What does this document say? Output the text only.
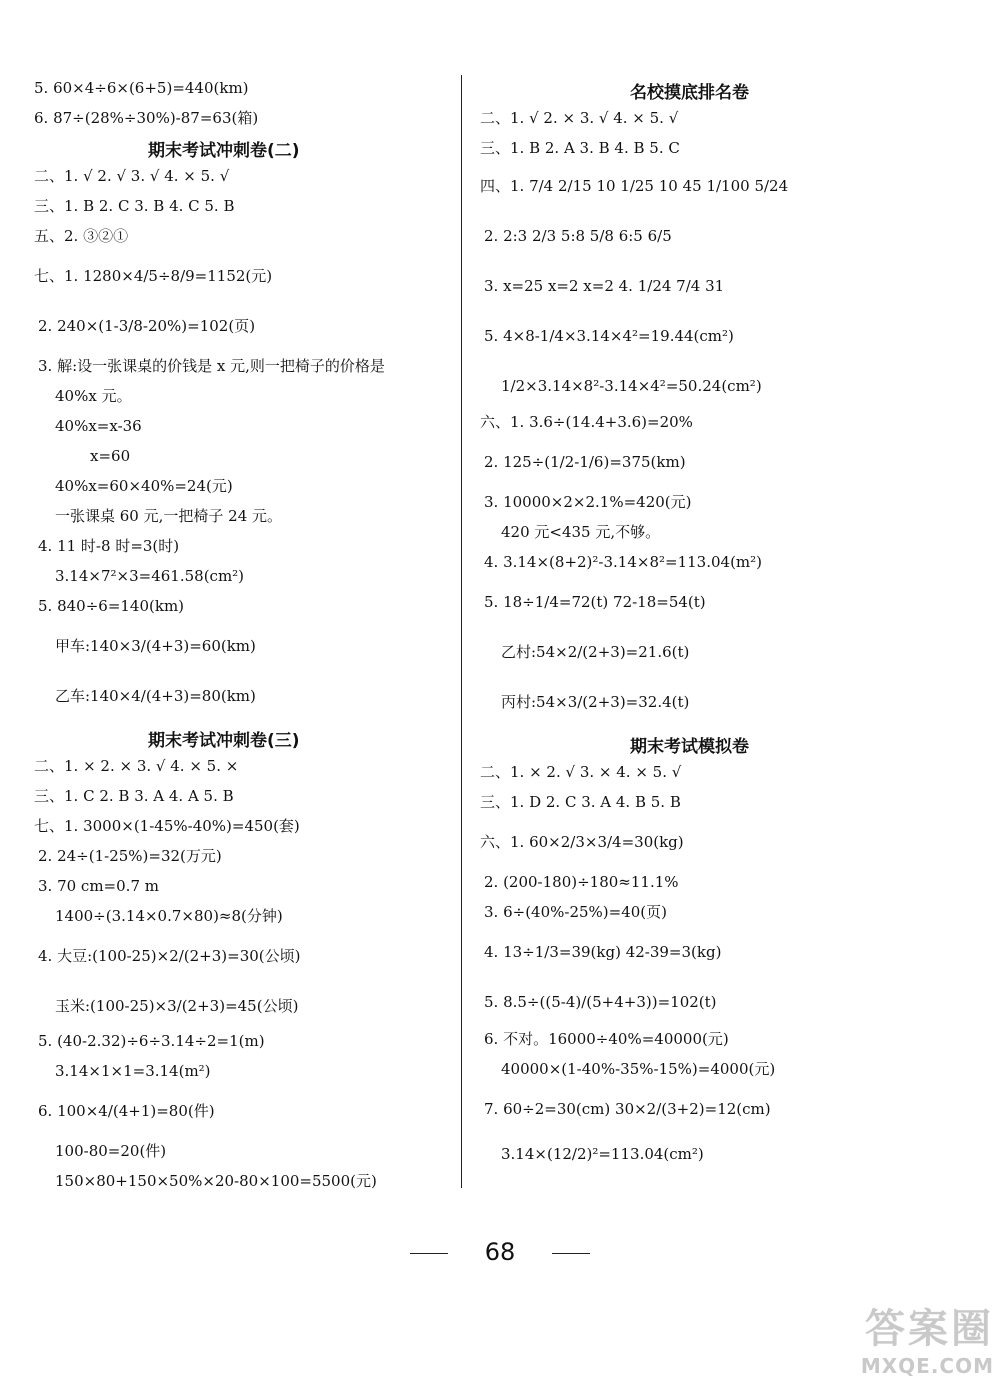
期末考试冲刺卷(二)
期末考试冲刺卷(三)
名校摸底排名卷
期末考试模拟卷
68
答案圈
MXQE.COM
5. 60×4÷6×(6+5)=440(km)
6. 87÷(28%÷30%)-87=63(箱)
二、1. √ 2. √ 3. √ 4. × 5. √
三、1. B 2. C 3. B 4. C 5. B
五、2. ③②①
七、1. 1280×4/5÷8/9=1152(元)
2. 240×(1-3/8-20%)=102(页)
3. 解:设一张课桌的价钱是 x 元,则一把椅子的价格是
40%x 元。
40%x=x-36
x=60
40%x=60×40%=24(元)
一张课桌 60 元,一把椅子 24 元。
4. 11 时-8 时=3(时)
3.14×7²×3=461.58(cm²)
5. 840÷6=140(km)
甲车:140×3/(4+3)=60(km)
乙车:140×4/(4+3)=80(km)
二、1. × 2. × 3. √ 4. × 5. ×
三、1. C 2. B 3. A 4. A 5. B
七、1. 3000×(1-45%-40%)=450(套)
2. 24÷(1-25%)=32(万元)
3. 70 cm=0.7 m
1400÷(3.14×0.7×80)≈8(分钟)
4. 大豆:(100-25)×2/(2+3)=30(公顷)
玉米:(100-25)×3/(2+3)=45(公顷)
5. (40-2.32)÷6÷3.14÷2=1(m)
3.14×1×1=3.14(m²)
6. 100×4/(4+1)=80(件)
100-80=20(件)
150×80+150×50%×20-80×100=5500(元)
二、1. √ 2. × 3. √ 4. × 5. √
三、1. B 2. A 3. B 4. B 5. C
四、1. 7/4 2/15 10 1/25 10 45 1/100 5/24
2. 2:3 2/3 5:8 5/8 6:5 6/5
3. x=25 x=2 x=2 4. 1/24 7/4 31
5. 4×8-1/4×3.14×4²=19.44(cm²)
1/2×3.14×8²-3.14×4²=50.24(cm²)
六、1. 3.6÷(14.4+3.6)=20%
2. 125÷(1/2-1/6)=375(km)
3. 10000×2×2.1%=420(元)
420 元<435 元,不够。
4. 3.14×(8+2)²-3.14×8²=113.04(m²)
5. 18÷1/4=72(t) 72-18=54(t)
乙村:54×2/(2+3)=21.6(t)
丙村:54×3/(2+3)=32.4(t)
二、1. × 2. √ 3. × 4. × 5. √
三、1. D 2. C 3. A 4. B 5. B
六、1. 60×2/3×3/4=30(kg)
2. (200-180)÷180≈11.1%
3. 6÷(40%-25%)=40(页)
4. 13÷1/3=39(kg) 42-39=3(kg)
5. 8.5÷((5-4)/(5+4+3))=102(t)
6. 不对。16000÷40%=40000(元)
40000×(1-40%-35%-15%)=4000(元)
7. 60÷2=30(cm) 30×2/(3+2)=12(cm)
3.14×(12/2)²=113.04(cm²)
